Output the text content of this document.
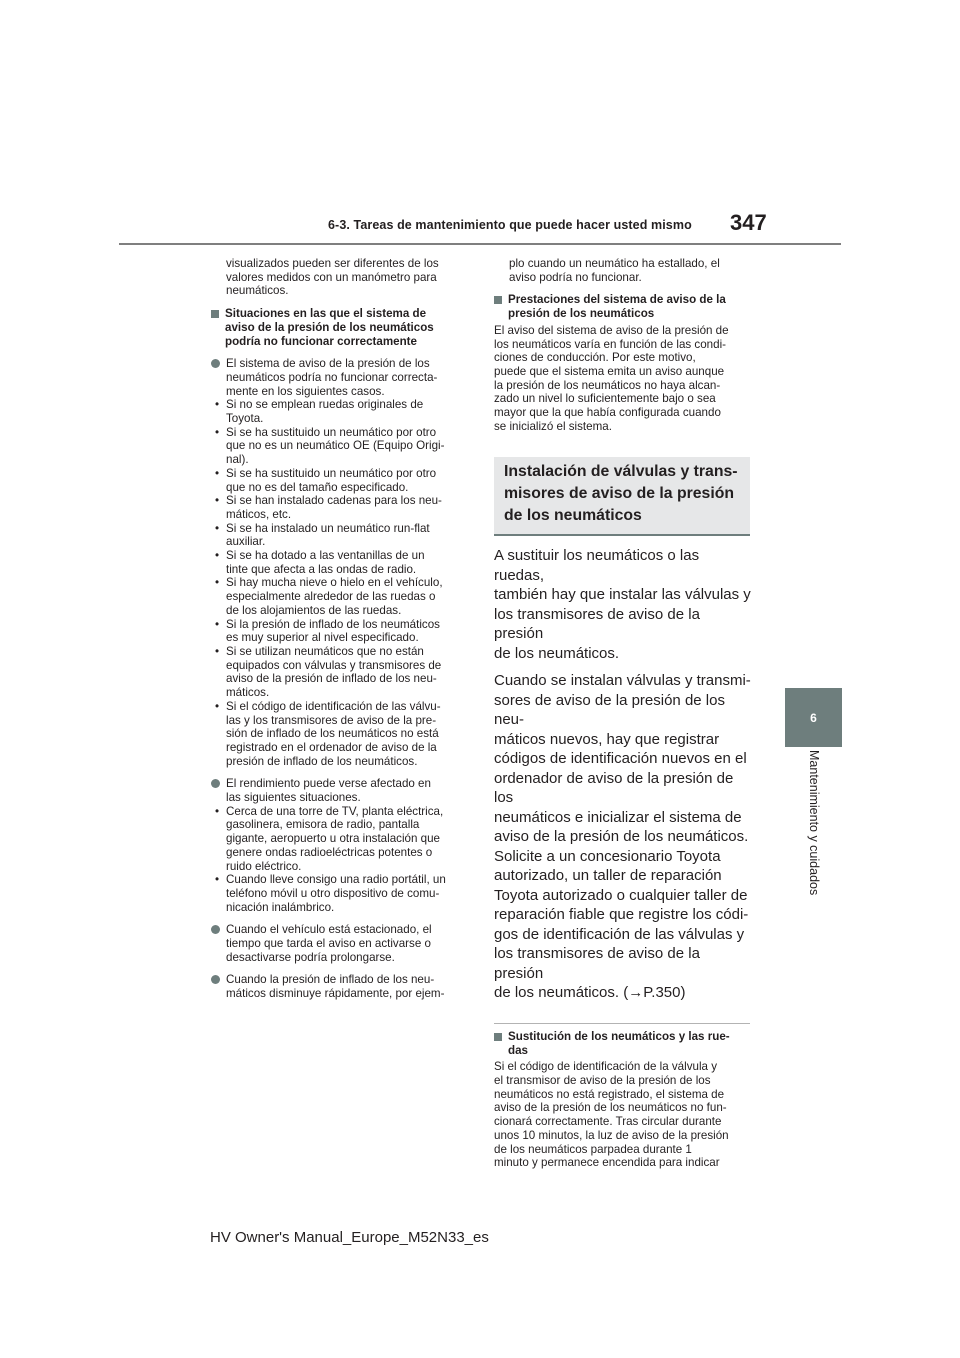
6-3. Tareas de mantenimiento que puede hacer usted mismo 347
6
Mantenimiento y cuidados

visualizados pueden ser diferentes de los

valores medidos con un manómetro para

neumáticos.

Situaciones en las que el sistema de

aviso de la presión de los neumáticos

podría no funcionar correctamente

El sistema de aviso de la presión de los

neumáticos podría no funcionar correcta-

mente en los siguientes casos.

• Si no se emplean ruedas originales de

Toyota.

• Si se ha sustituido un neumático por otro

que no es un neumático OE (Equipo Origi-

nal).

• Si se ha sustituido un neumático por otro

que no es del tamaño especificado.

• Si se han instalado cadenas para los neu-

máticos, etc.

• Si se ha instalado un neumático run-flat

auxiliar.

• Si se ha dotado a las ventanillas de un

tinte que afecta a las ondas de radio.

• Si hay mucha nieve o hielo en el vehículo,

especialmente alrededor de las ruedas o

de los alojamientos de las ruedas.

• Si la presión de inflado de los neumáticos

es muy superior al nivel especificado.

• Si se utilizan neumáticos que no están

equipados con válvulas y transmisores de

aviso de la presión de inflado de los neu-

máticos.

• Si el código de identificación de las válvu-

las y los transmisores de aviso de la pre-

sión de inflado de los neumáticos no está

registrado en el ordenador de aviso de la

presión de inflado de los neumáticos.

El rendimiento puede verse afectado en

las siguientes situaciones.

• Cerca de una torre de TV, planta eléctrica,

gasolinera, emisora de radio, pantalla

gigante, aeropuerto u otra instalación que

genere ondas radioeléctricas potentes o

ruido eléctrico.

• Cuando lleve consigo una radio portátil, un

teléfono móvil u otro dispositivo de comu-

nicación inalámbrico.

Cuando el vehículo está estacionado, el

tiempo que tarda el aviso en activarse o

desactivarse podría prolongarse.

Cuando la presión de inflado de los neu-

máticos disminuye rápidamente, por ejem-

plo cuando un neumático ha estallado, el

aviso podría no funcionar.

Prestaciones del sistema de aviso de la

presión de los neumáticos

El aviso del sistema de aviso de la presión de

los neumáticos varía en función de las condi-

ciones de conducción. Por este motivo,

puede que el sistema emita un aviso aunque

la presión de los neumáticos no haya alcan-

zado un nivel lo suficientemente bajo o sea

mayor que la que había configurada cuando

se inicializó el sistema.

Instalación de válvulas y trans-

misores de aviso de la presión

de los neumáticos

A sustituir los neumáticos o las ruedas,

también hay que instalar las válvulas y

los transmisores de aviso de la presión

de los neumáticos.

Cuando se instalan válvulas y transmi-

sores de aviso de la presión de los neu-

máticos nuevos, hay que registrar

códigos de identificación nuevos en el

ordenador de aviso de la presión de los

neumáticos e inicializar el sistema de

aviso de la presión de los neumáticos.

Solicite a un concesionario Toyota

autorizado, un taller de reparación

Toyota autorizado o cualquier taller de

reparación fiable que registre los códi-

gos de identificación de las válvulas y

los transmisores de aviso de la presión

de los neumáticos. (→P.350)

Sustitución de los neumáticos y las rue-

das

Si el código de identificación de la válvula y

el transmisor de aviso de la presión de los

neumáticos no está registrado, el sistema de

aviso de la presión de los neumáticos no fun-

cionará correctamente. Tras circular durante

unos 10 minutos, la luz de aviso de la presión

de los neumáticos parpadea durante 1

minuto y permanece encendida para indicar

HV Owner's Manual_Europe_M52N33_es
